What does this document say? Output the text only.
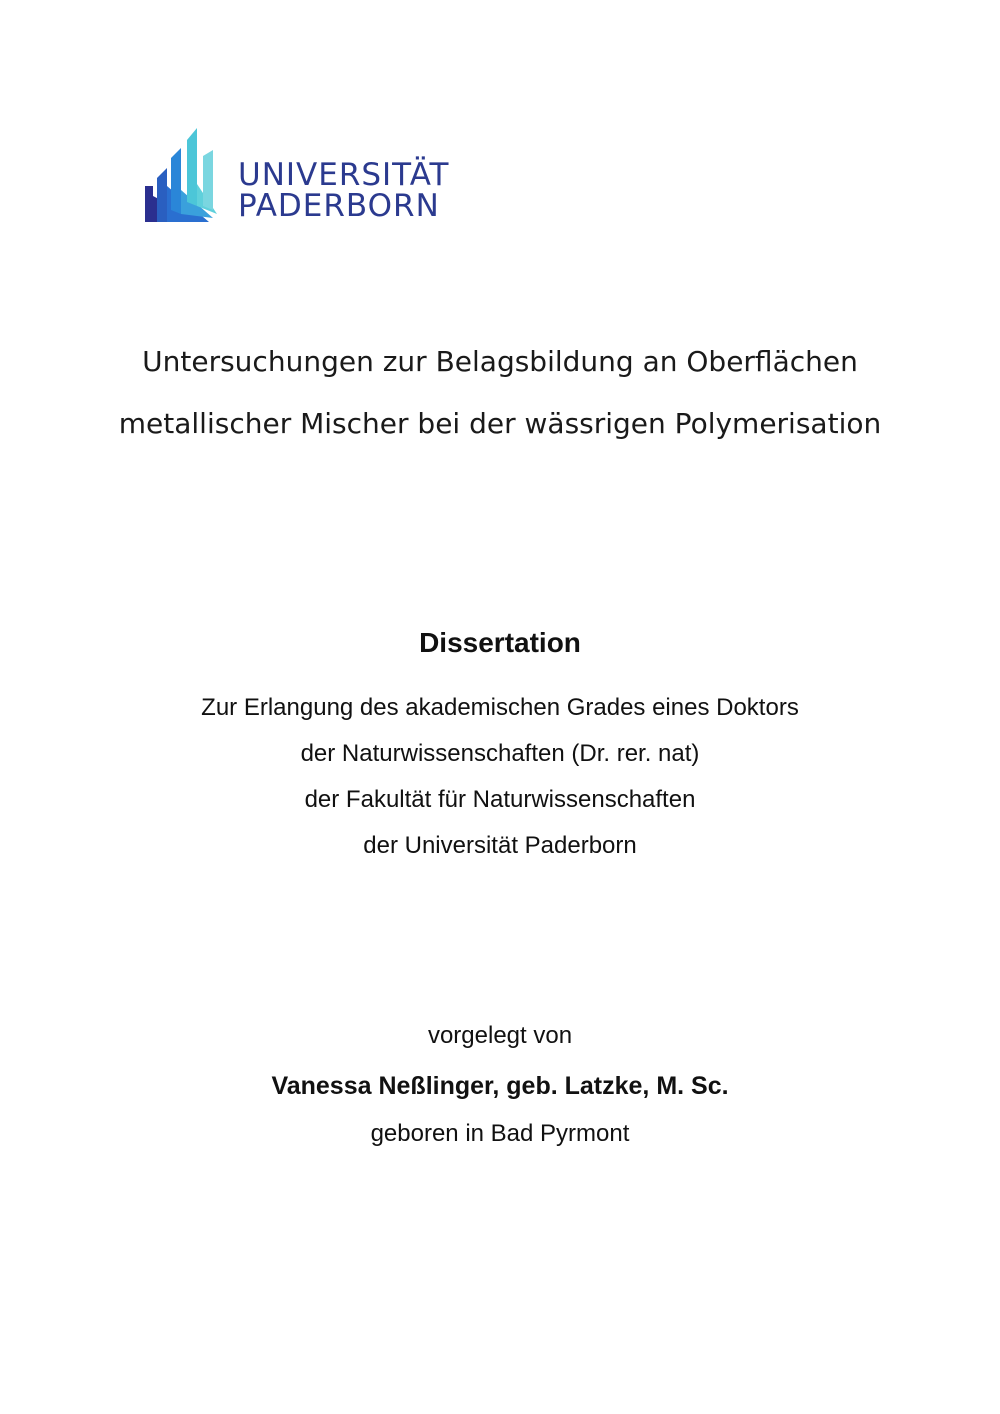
UNIVERSITÄT
PADERBORN
Untersuchungen zur Belagsbildung an Oberflächen
metallischer Mischer bei der wässrigen Polymerisation
Dissertation
Zur Erlangung des akademischen Grades eines Doktors
der Naturwissenschaften (Dr. rer. nat)
der Fakultät für Naturwissenschaften
der Universität Paderborn
vorgelegt von
Vanessa Neßlinger, geb. Latzke, M. Sc.
geboren in Bad Pyrmont
